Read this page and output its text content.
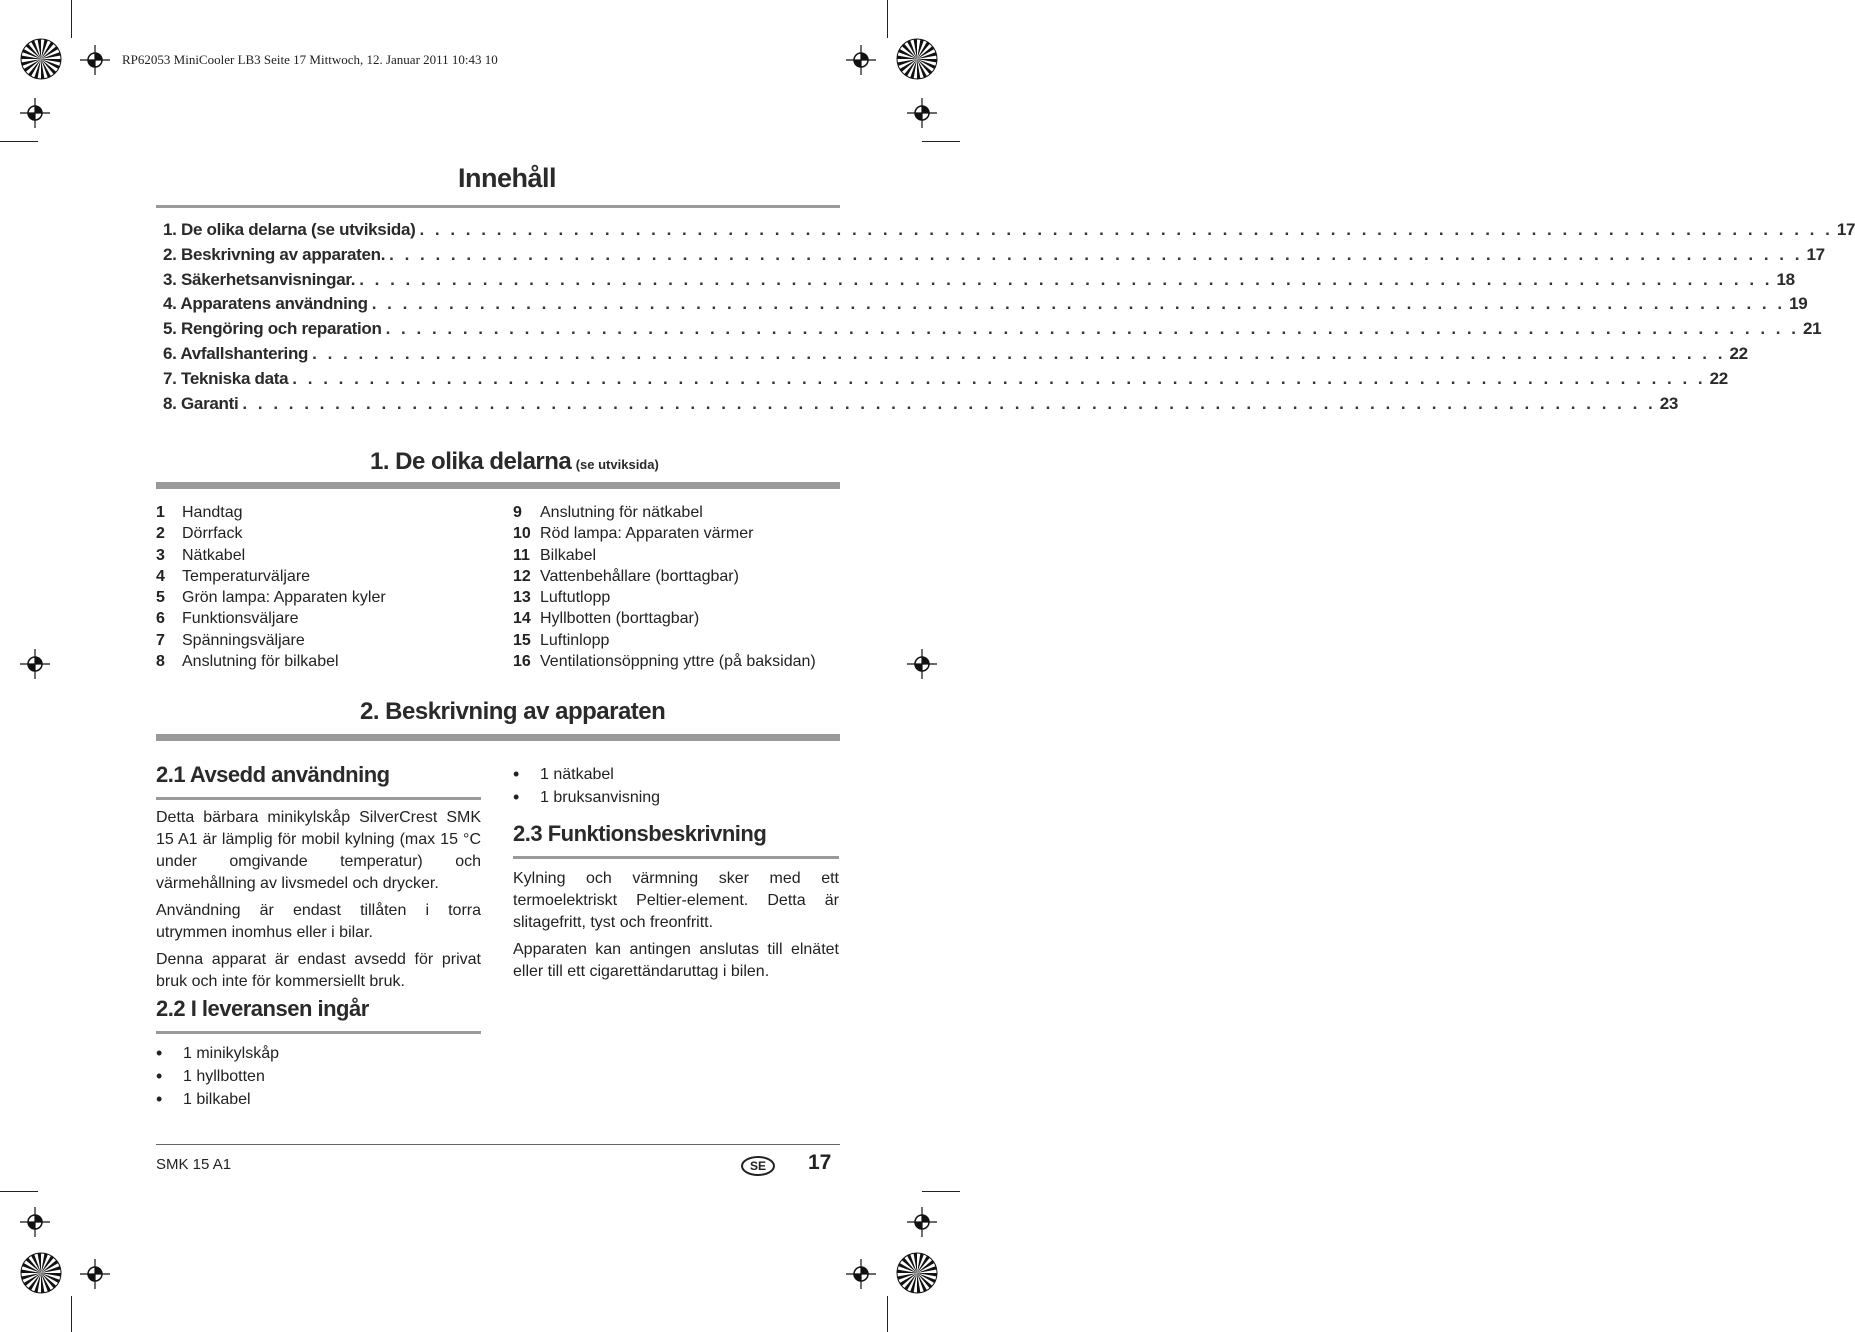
RP62053 MiniCooler LB3 Seite 17 Mittwoch, 12. Januar 2011 10:43 10
Innehåll
1. De olika delarna (se utviksida) . . . . . . . . . . . . . . . . . . . . . . . . . . . . . . . . . . . . . . . . . . . . . . . . . . . . . . . . . . . . . . . . . . . . . . . . . . . . . . . . . . . . . . . . . . . . 17
2. Beskrivning av apparaten. . . . . . . . . . . . . . . . . . . . . . . . . . . . . . . . . . . . . . . . . . . . . . . . . . . . . . . . . . . . . . . . . . . . . . . . . . . . . . . . . . . . . . . . . . . . . 17
3. Säkerhetsanvisningar. . . . . . . . . . . . . . . . . . . . . . . . . . . . . . . . . . . . . . . . . . . . . . . . . . . . . . . . . . . . . . . . . . . . . . . . . . . . . . . . . . . . . . . . . . . . . 18
4. Apparatens användning . . . . . . . . . . . . . . . . . . . . . . . . . . . . . . . . . . . . . . . . . . . . . . . . . . . . . . . . . . . . . . . . . . . . . . . . . . . . . . . . . . . . . . . . . . . . 19
5. Rengöring och reparation . . . . . . . . . . . . . . . . . . . . . . . . . . . . . . . . . . . . . . . . . . . . . . . . . . . . . . . . . . . . . . . . . . . . . . . . . . . . . . . . . . . . . . . . . . . . 21
6. Avfallshantering . . . . . . . . . . . . . . . . . . . . . . . . . . . . . . . . . . . . . . . . . . . . . . . . . . . . . . . . . . . . . . . . . . . . . . . . . . . . . . . . . . . . . . . . . . . . 22
7. Tekniska data . . . . . . . . . . . . . . . . . . . . . . . . . . . . . . . . . . . . . . . . . . . . . . . . . . . . . . . . . . . . . . . . . . . . . . . . . . . . . . . . . . . . . . . . . . . . 22
8. Garanti . . . . . . . . . . . . . . . . . . . . . . . . . . . . . . . . . . . . . . . . . . . . . . . . . . . . . . . . . . . . . . . . . . . . . . . . . . . . . . . . . . . . . . . . . . . . 23
1. De olika delarna (se utviksida)
1	Handtag
2	Dörrfack
3	Nätkabel
4	Temperaturväljare
5	Grön lampa: Apparaten kyler
6	Funktionsväljare
7	Spänningsväljare
8	Anslutning för bilkabel
9	Anslutning för nätkabel
10 Röd lampa: Apparaten värmer
11 Bilkabel
12 Vattenbehållare (borttagbar)
13 Luftutlopp
14 Hyllbotten (borttagbar)
15 Luftinlopp
16 Ventilationsöppning yttre (på baksidan)
2. Beskrivning av apparaten
2.1 Avsedd användning

Detta bärbara minikylskåp SilverCrest SMK 15 A1 är lämplig för mobil kylning (max 15 °C under omgivande temperatur) och värmehållning av livsmedel och drycker.

Användning är endast tillåten i torra utrymmen inomhus eller i bilar.

Denna apparat är endast avsedd för privat bruk och inte för kommersiellt bruk.

2.2 I leveransen ingår
• 1 minikylskåp
• 1 hyllbotten
• 1 bilkabel
• 1 nätkabel
• 1 bruksanvisning
2.3 Funktionsbeskrivning

Kylning och värmning sker med ett termoelektriskt Peltier-element. Detta är slitagefritt, tyst och freonfritt.

Apparaten kan antingen anslutas till elnätet eller till ett cigarettändaruttag i bilen.

SMK 15 A1	SE	17
